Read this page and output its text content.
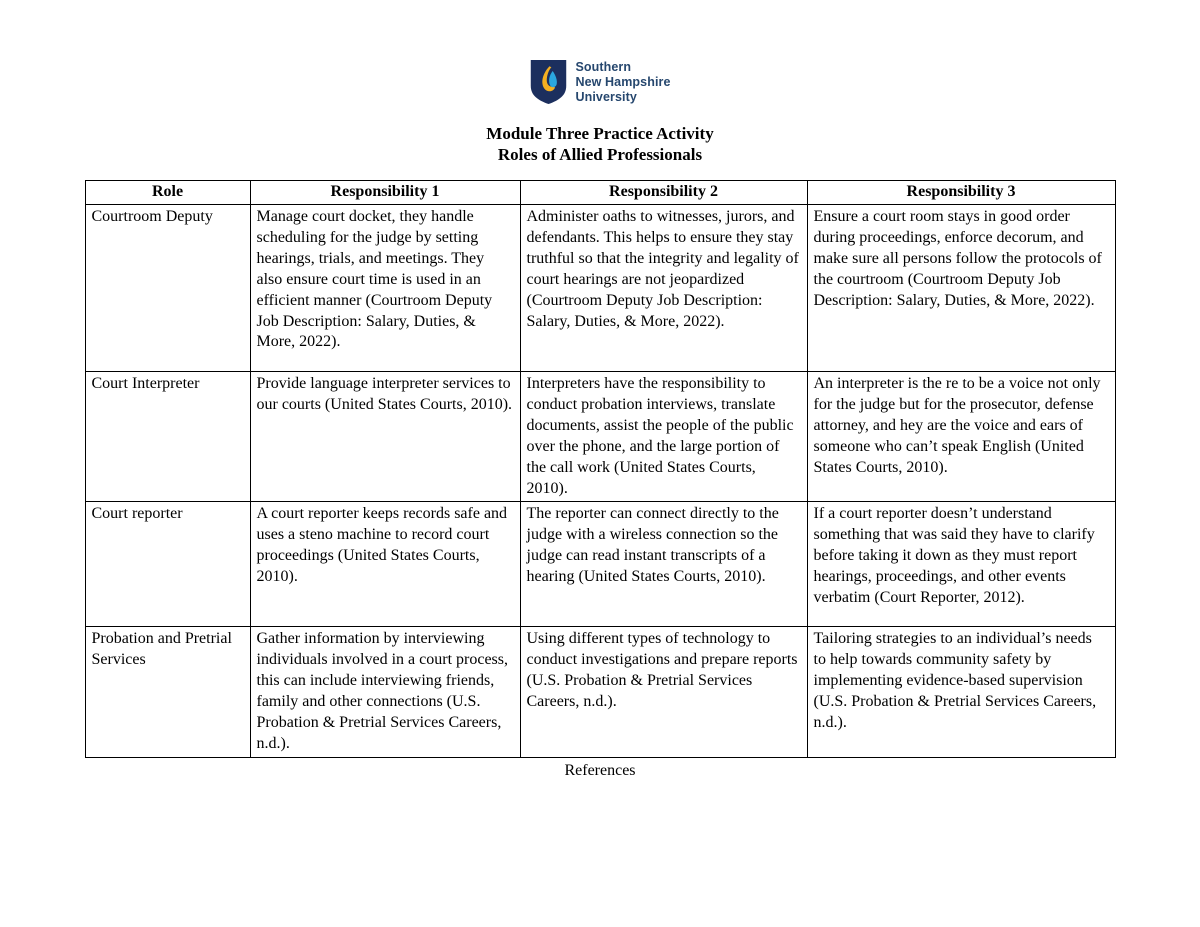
Southern
New Hampshire
University
Module Three Practice Activity
Roles of Allied Professionals
Role	Responsibility 1	Responsibility 2	Responsibility 3
Courtroom Deputy	Manage court docket, they handle scheduling for the judge by setting hearings, trials, and meetings. They also ensure court time is used in an efficient manner (Courtroom Deputy Job Description: Salary, Duties, & More, 2022).	Administer oaths to witnesses, jurors, and defendants. This helps to ensure they stay truthful so that the integrity and legality of court hearings are not jeopardized (Courtroom Deputy Job Description: Salary, Duties, & More, 2022).	Ensure a court room stays in good order during proceedings, enforce decorum, and make sure all persons follow the protocols of the courtroom (Courtroom Deputy Job Description: Salary, Duties, & More, 2022).
Court Interpreter	Provide language interpreter services to our courts (United States Courts, 2010).	Interpreters have the responsibility to conduct probation interviews, translate documents, assist the people of the public over the phone, and the large portion of the call work (United States Courts, 2010).	An interpreter is the re to be a voice not only for the judge but for the prosecutor, defense attorney, and hey are the voice and ears of someone who can’t speak English (United States Courts, 2010).
Court reporter	A court reporter keeps records safe and uses a steno machine to record court proceedings (United States Courts, 2010).	The reporter can connect directly to the judge with a wireless connection so the judge can read instant transcripts of a hearing (United States Courts, 2010).	If a court reporter doesn’t understand something that was said they have to clarify before taking it down as they must report hearings, proceedings, and other events verbatim (Court Reporter, 2012).
Probation and Pretrial Services	Gather information by interviewing individuals involved in a court process, this can include interviewing friends, family and other connections (U.S. Probation & Pretrial Services Careers, n.d.).	Using different types of technology to conduct investigations and prepare reports (U.S. Probation & Pretrial Services Careers, n.d.).	Tailoring strategies to an individual’s needs to help towards community safety by implementing evidence-based supervision (U.S. Probation & Pretrial Services Careers, n.d.).
References
